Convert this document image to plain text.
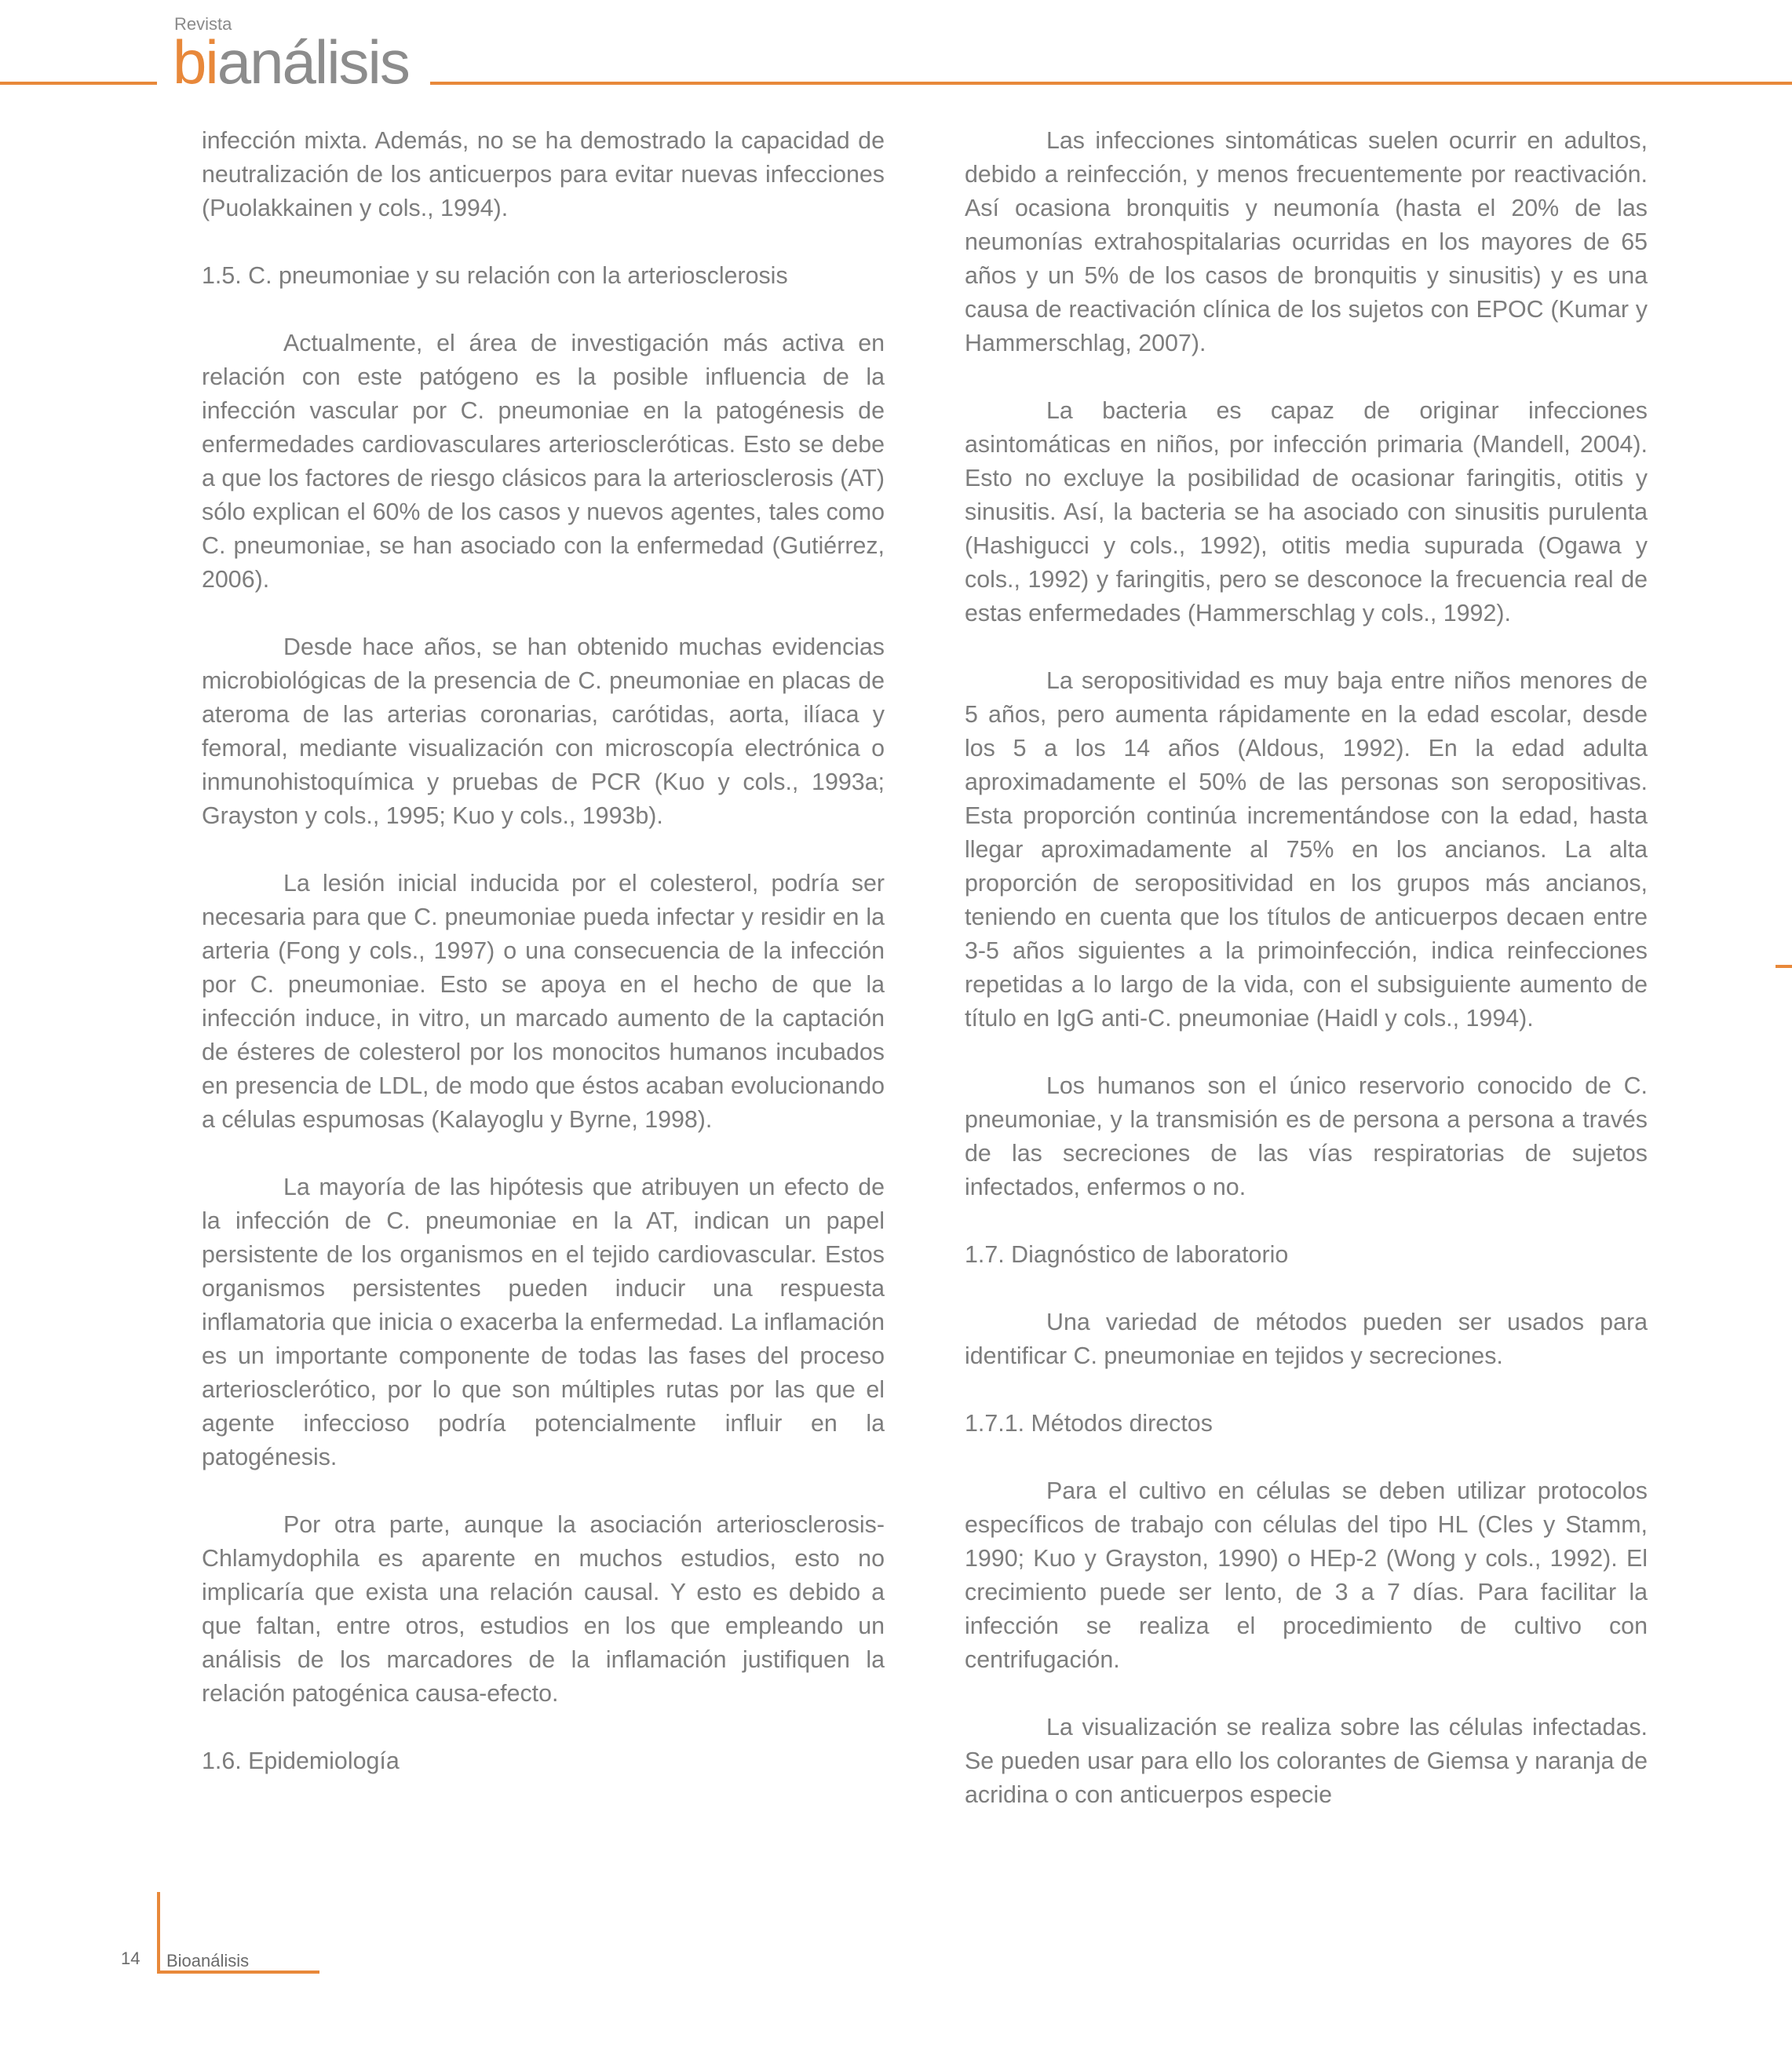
Revista
bi análisis
infección mixta. Además, no se ha demostrado la capacidad de neutralización de los anticuerpos para evitar nuevas infecciones (Puolakkainen y cols., 1994).
1.5. C. pneumoniae y su relación con la arteriosclerosis
Actualmente, el área de investigación más activa en relación con este patógeno es la posible influencia de la infección vascular por C. pneumoniae en la patogénesis de enfermedades cardiovasculares arterioscleróticas. Esto se debe a que los factores de riesgo clásicos para la arteriosclerosis (AT) sólo explican el 60% de los casos y nuevos agentes, tales como C. pneumoniae, se han asociado con la enfermedad (Gutiérrez, 2006).
Desde hace años, se han obtenido muchas evidencias microbiológicas de la presencia de C. pneumoniae en placas de ateroma de las arterias coronarias, carótidas, aorta, ilíaca y femoral, mediante visualización con microscopía electrónica o inmunohistoquímica y pruebas de PCR (Kuo y cols., 1993a; Grayston y cols., 1995; Kuo y cols., 1993b).
La lesión inicial inducida por el colesterol, podría ser necesaria para que C. pneumoniae pueda infectar y residir en la arteria (Fong y cols., 1997) o una consecuencia de la infección por C. pneumoniae. Esto se apoya en el hecho de que la infección induce, in vitro, un marcado aumento de la captación de ésteres de colesterol por los monocitos humanos incubados en presencia de LDL, de modo que éstos acaban evolucionando a células espumosas (Kalayoglu y Byrne, 1998).
La mayoría de las hipótesis que atribuyen un efecto de la infección de C. pneumoniae en la AT, indican un papel persistente de los organismos en el tejido cardiovascular. Estos organismos persistentes pueden inducir una respuesta inflamatoria que inicia o exacerba la enfermedad. La inflamación es un importante componente de todas las fases del proceso arteriosclerótico, por lo que son múltiples rutas por las que el agente infeccioso podría potencialmente influir en la patogénesis.
Por otra parte, aunque la asociación arteriosclerosis-Chlamydophila es aparente en muchos estudios, esto no implicaría que exista una relación causal. Y esto es debido a que faltan, entre otros, estudios en los que empleando un análisis de los marcadores de la inflamación justifiquen la relación patogénica causa-efecto.
1.6. Epidemiología
Las infecciones sintomáticas suelen ocurrir en adultos, debido a reinfección, y menos frecuentemente por reactivación. Así ocasiona bronquitis y neumonía (hasta el 20% de las neumonías extrahospitalarias ocurridas en los mayores de 65 años y un 5% de los casos de bronquitis y sinusitis) y es una causa de reactivación clínica de los sujetos con EPOC (Kumar y Hammerschlag, 2007).
La bacteria es capaz de originar infecciones asintomáticas en niños, por infección primaria (Mandell, 2004). Esto no excluye la posibilidad de ocasionar faringitis, otitis y sinusitis. Así, la bacteria se ha asociado con sinusitis purulenta (Hashigucci y cols., 1992), otitis media supurada (Ogawa y cols., 1992) y faringitis, pero se desconoce la frecuencia real de estas enfermedades (Hammerschlag y cols., 1992).
La seropositividad es muy baja entre niños menores de 5 años, pero aumenta rápidamente en la edad escolar, desde los 5 a los 14 años (Aldous, 1992). En la edad adulta aproximadamente el 50% de las personas son seropositivas. Esta proporción continúa incrementándose con la edad, hasta llegar aproximadamente al 75% en los ancianos. La alta proporción de seropositividad en los grupos más ancianos, teniendo en cuenta que los títulos de anticuerpos decaen entre 3-5 años siguientes a la primoinfección, indica reinfecciones repetidas a lo largo de la vida, con el subsiguiente aumento de título en IgG anti-C. pneumoniae (Haidl y cols., 1994).
Los humanos son el único reservorio conocido de C. pneumoniae, y la transmisión es de persona a persona a través de las secreciones de las vías respiratorias de sujetos infectados, enfermos o no.
1.7. Diagnóstico de laboratorio
Una variedad de métodos pueden ser usados para identificar C. pneumoniae en tejidos y secreciones.
1.7.1. Métodos directos
Para el cultivo en células se deben utilizar protocolos específicos de trabajo con células del tipo HL (Cles y Stamm, 1990; Kuo y Grayston, 1990) o HEp-2 (Wong y cols., 1992). El crecimiento puede ser lento, de 3 a 7 días. Para facilitar la infección se realiza el procedimiento de cultivo con centrifugación.
La visualización se realiza sobre las células infectadas. Se pueden usar para ello los colorantes de Giemsa y naranja de acridina o con anticuerpos especie
14 Bioanálisis
